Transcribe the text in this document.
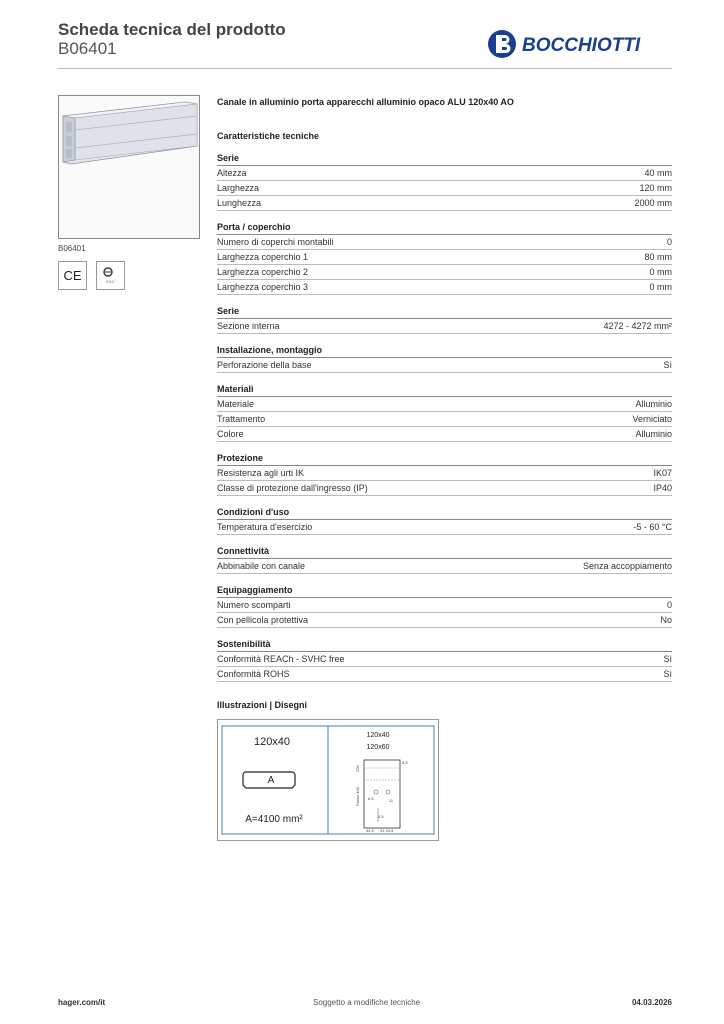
Scheda tecnica del prodotto
B06401	BOCCHIOTTI
B06401
CE	EAC
Canale in alluminio porta apparecchi alluminio opaco ALU 120x40 AO
Caratteristiche tecniche
Serie
Altezza	40 mm
Larghezza	120 mm
Lunghezza	2000 mm
Porta / coperchio
Numero di coperchi montabili	0
Larghezza coperchio 1	80 mm
Larghezza coperchio 2	0 mm
Larghezza coperchio 3	0 mm
Serie
Sezione interna	4272 - 4272 mm²
Installazione, montaggio
Perforazione della base	Sì
Materiali
Materiale	Alluminio
Trattamento	Verniciato
Colore	Alluminio
Protezione
Resistenza agli urti IK	IK07
Classe di protezione dall'ingresso (IP)	IP40
Condizioni d'uso
Temperatura d'esercizio	-5 - 60 °C
Connettività
Abbinabile con canale	Senza accoppiamento
Equipaggiamento
Numero scomparti	0
Con pellicola protettiva	No
Sostenibilità
Conformità REACh - SVHC free	Sì
Conformità ROHS	Sì
Illustrazioni | Disegni
120x40
A
A=4100 mm²
120x40
120x60
200
Passo 400
8.5
6.5	11
0.5
44.5 31 44.5
hager.com/it	Soggetto a modifiche tecniche	04.03.2026
